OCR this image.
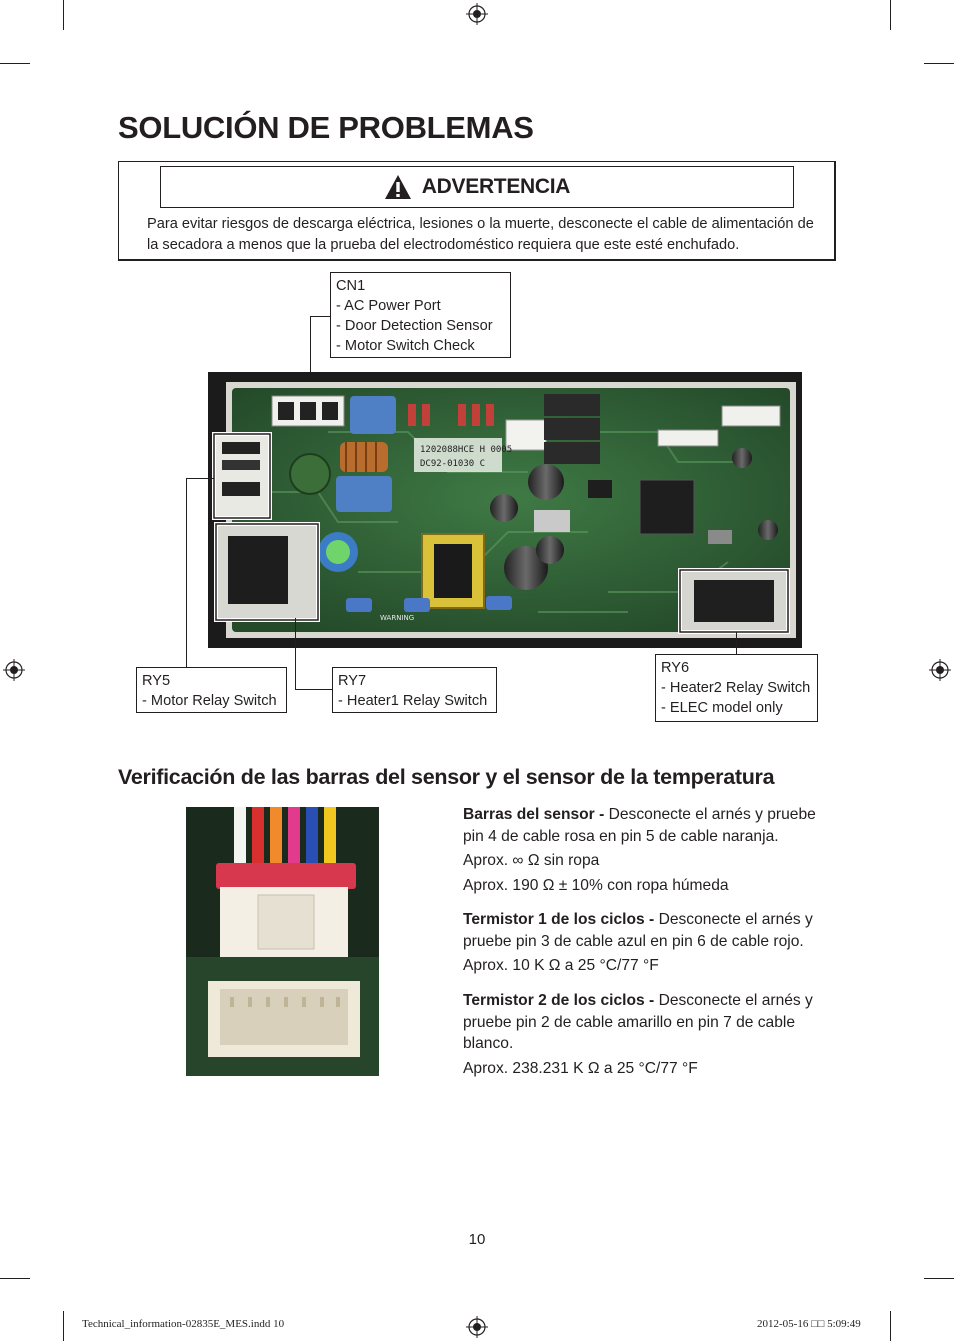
SOLUCIÓN DE PROBLEMAS
ADVERTENCIA
Para evitar riesgos de descarga eléctrica, lesiones o la muerte, desconecte el cable de alimentación de la secadora a menos que la prueba del electrodoméstico requiera que este esté enchufado.
CN1
- AC Power Port
- Door Detection Sensor
- Motor Switch Check
1202088HCE H 0005
DC92-01030 C
WARNING
RY5
- Motor Relay Switch
RY7
- Heater1 Relay Switch
RY6
- Heater2 Relay Switch
- ELEC model only
Verificación de las barras del sensor y el sensor de la temperatura
Barras del sensor - Desconecte el arnés y pruebe pin 4 de cable rosa en pin 5 de cable naranja.
Aprox. ∞ Ω sin ropa
Aprox. 190 Ω ± 10% con ropa húmeda
Termistor 1 de los ciclos - Desconecte el arnés y pruebe pin 3 de cable azul en pin 6 de cable rojo.
Aprox. 10 K Ω a 25 °C/77 °F
Termistor 2 de los ciclos - Desconecte el arnés y pruebe pin 2 de cable amarillo en pin 7 de cable blanco.
Aprox. 238.231 K Ω a 25 °C/77 °F
10
Technical_information-02835E_MES.indd 10	2012-05-16 □□ 5:09:49
